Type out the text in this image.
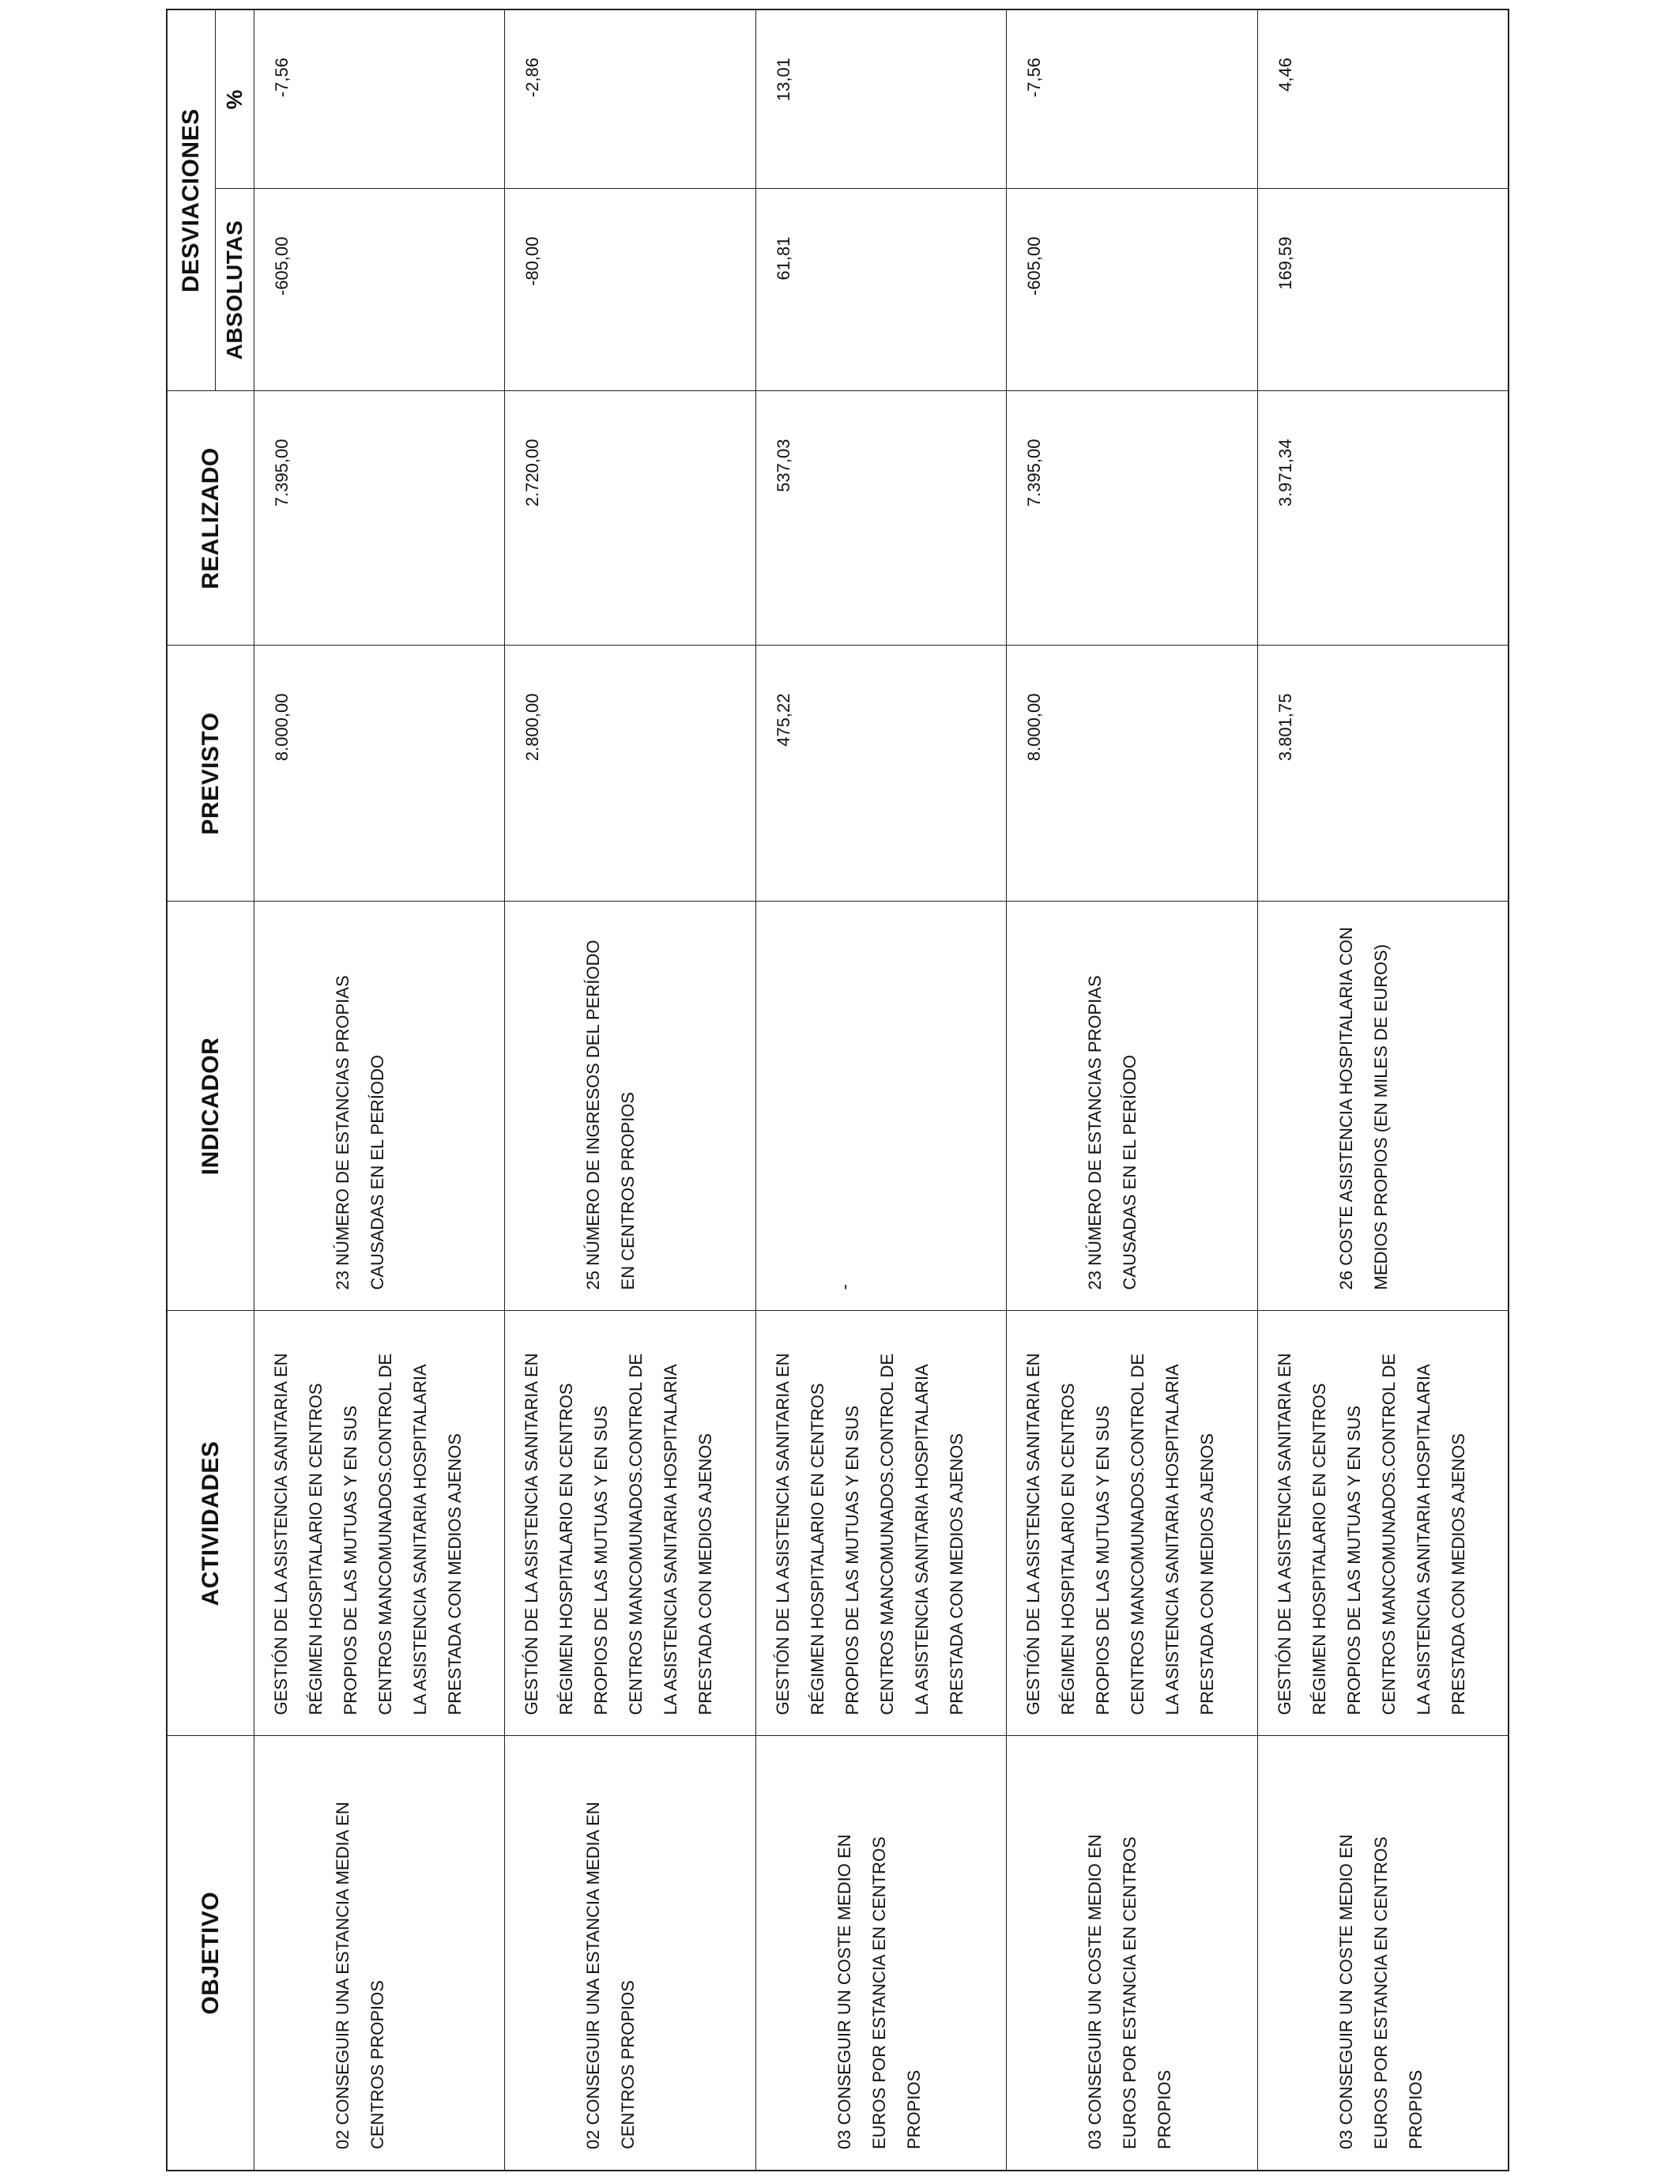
OBJETIVO	ACTIVIDADES	INDICADOR	PREVISTO	REALIZADO	DESVIACIONES	
					ABSOLUTAS	%

02 CONSEGUIR UNA ESTANCIA MEDIA EN CENTROS PROPIOS	GESTIÓN DE LA ASISTENCIA SANITARIA EN RÉGIMEN HOSPITALARIO EN CENTROS PROPIOS DE LAS MUTUAS Y EN SUS CENTROS MANCOMUNADOS.CONTROL DE LA ASISTENCIA SANITARIA HOSPITALARIA PRESTADA CON MEDIOS AJENOS	23 NÚMERO DE ESTANCIAS PROPIAS CAUSADAS EN EL PERÍODO	8.000,00	7.395,00	-605,00	-7,56

02 CONSEGUIR UNA ESTANCIA MEDIA EN CENTROS PROPIOS	GESTIÓN DE LA ASISTENCIA SANITARIA EN RÉGIMEN HOSPITALARIO EN CENTROS PROPIOS DE LAS MUTUAS Y EN SUS CENTROS MANCOMUNADOS.CONTROL DE LA ASISTENCIA SANITARIA HOSPITALARIA PRESTADA CON MEDIOS AJENOS	25 NÚMERO DE INGRESOS DEL PERÍODO EN CENTROS PROPIOS	2.800,00	2.720,00	-80,00	-2,86

03 CONSEGUIR UN COSTE MEDIO EN EUROS POR ESTANCIA EN CENTROS PROPIOS	GESTIÓN DE LA ASISTENCIA SANITARIA EN RÉGIMEN HOSPITALARIO EN CENTROS PROPIOS DE LAS MUTUAS Y EN SUS CENTROS MANCOMUNADOS.CONTROL DE LA ASISTENCIA SANITARIA HOSPITALARIA PRESTADA CON MEDIOS AJENOS	-	475,22	537,03	61,81	13,01

03 CONSEGUIR UN COSTE MEDIO EN EUROS POR ESTANCIA EN CENTROS PROPIOS	GESTIÓN DE LA ASISTENCIA SANITARIA EN RÉGIMEN HOSPITALARIO EN CENTROS PROPIOS DE LAS MUTUAS Y EN SUS CENTROS MANCOMUNADOS.CONTROL DE LA ASISTENCIA SANITARIA HOSPITALARIA PRESTADA CON MEDIOS AJENOS	23 NÚMERO DE ESTANCIAS PROPIAS CAUSADAS EN EL PERÍODO	8.000,00	7.395,00	-605,00	-7,56

03 CONSEGUIR UN COSTE MEDIO EN EUROS POR ESTANCIA EN CENTROS PROPIOS	GESTIÓN DE LA ASISTENCIA SANITARIA EN RÉGIMEN HOSPITALARIO EN CENTROS PROPIOS DE LAS MUTUAS Y EN SUS CENTROS MANCOMUNADOS.CONTROL DE LA ASISTENCIA SANITARIA HOSPITALARIA PRESTADA CON MEDIOS AJENOS	26 COSTE ASISTENCIA HOSPITALARIA CON MEDIOS PROPIOS (EN MILES DE EUROS)	3.801,75	3.971,34	169,59	4,46
